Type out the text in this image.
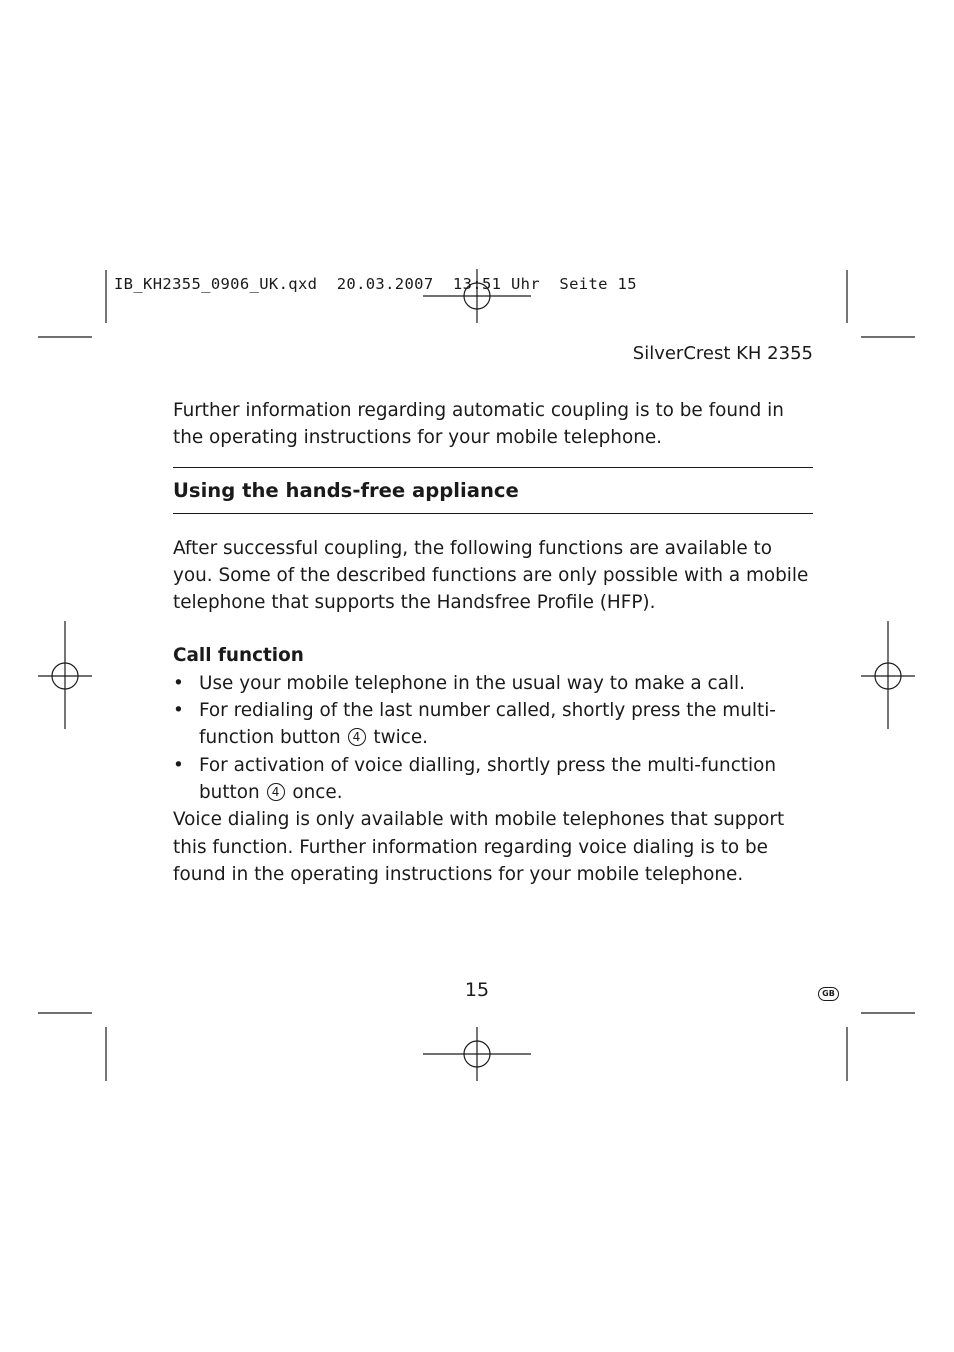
IB_KH2355_0906_UK.qxd 20.03.2007 13:51 Uhr Seite 15
SilverCrest KH 2355

Further information regarding automatic coupling is to be found in the operating instructions for your mobile telephone.

Using the hands-free appliance

After successful coupling, the following functions are available to you. Some of the described functions are only possible with a mobile telephone that supports the Handsfree Profile (HFP).

Call function

• Use your mobile telephone in the usual way to make a call.
• For redialing of the last number called, shortly press the multi-function button 4 twice.
• For activation of voice dialling, shortly press the multi-function button 4 once.

Voice dialing is only available with mobile telephones that support this function. Further information regarding voice dialing is to be found in the operating instructions for your mobile telephone.

15	GB
